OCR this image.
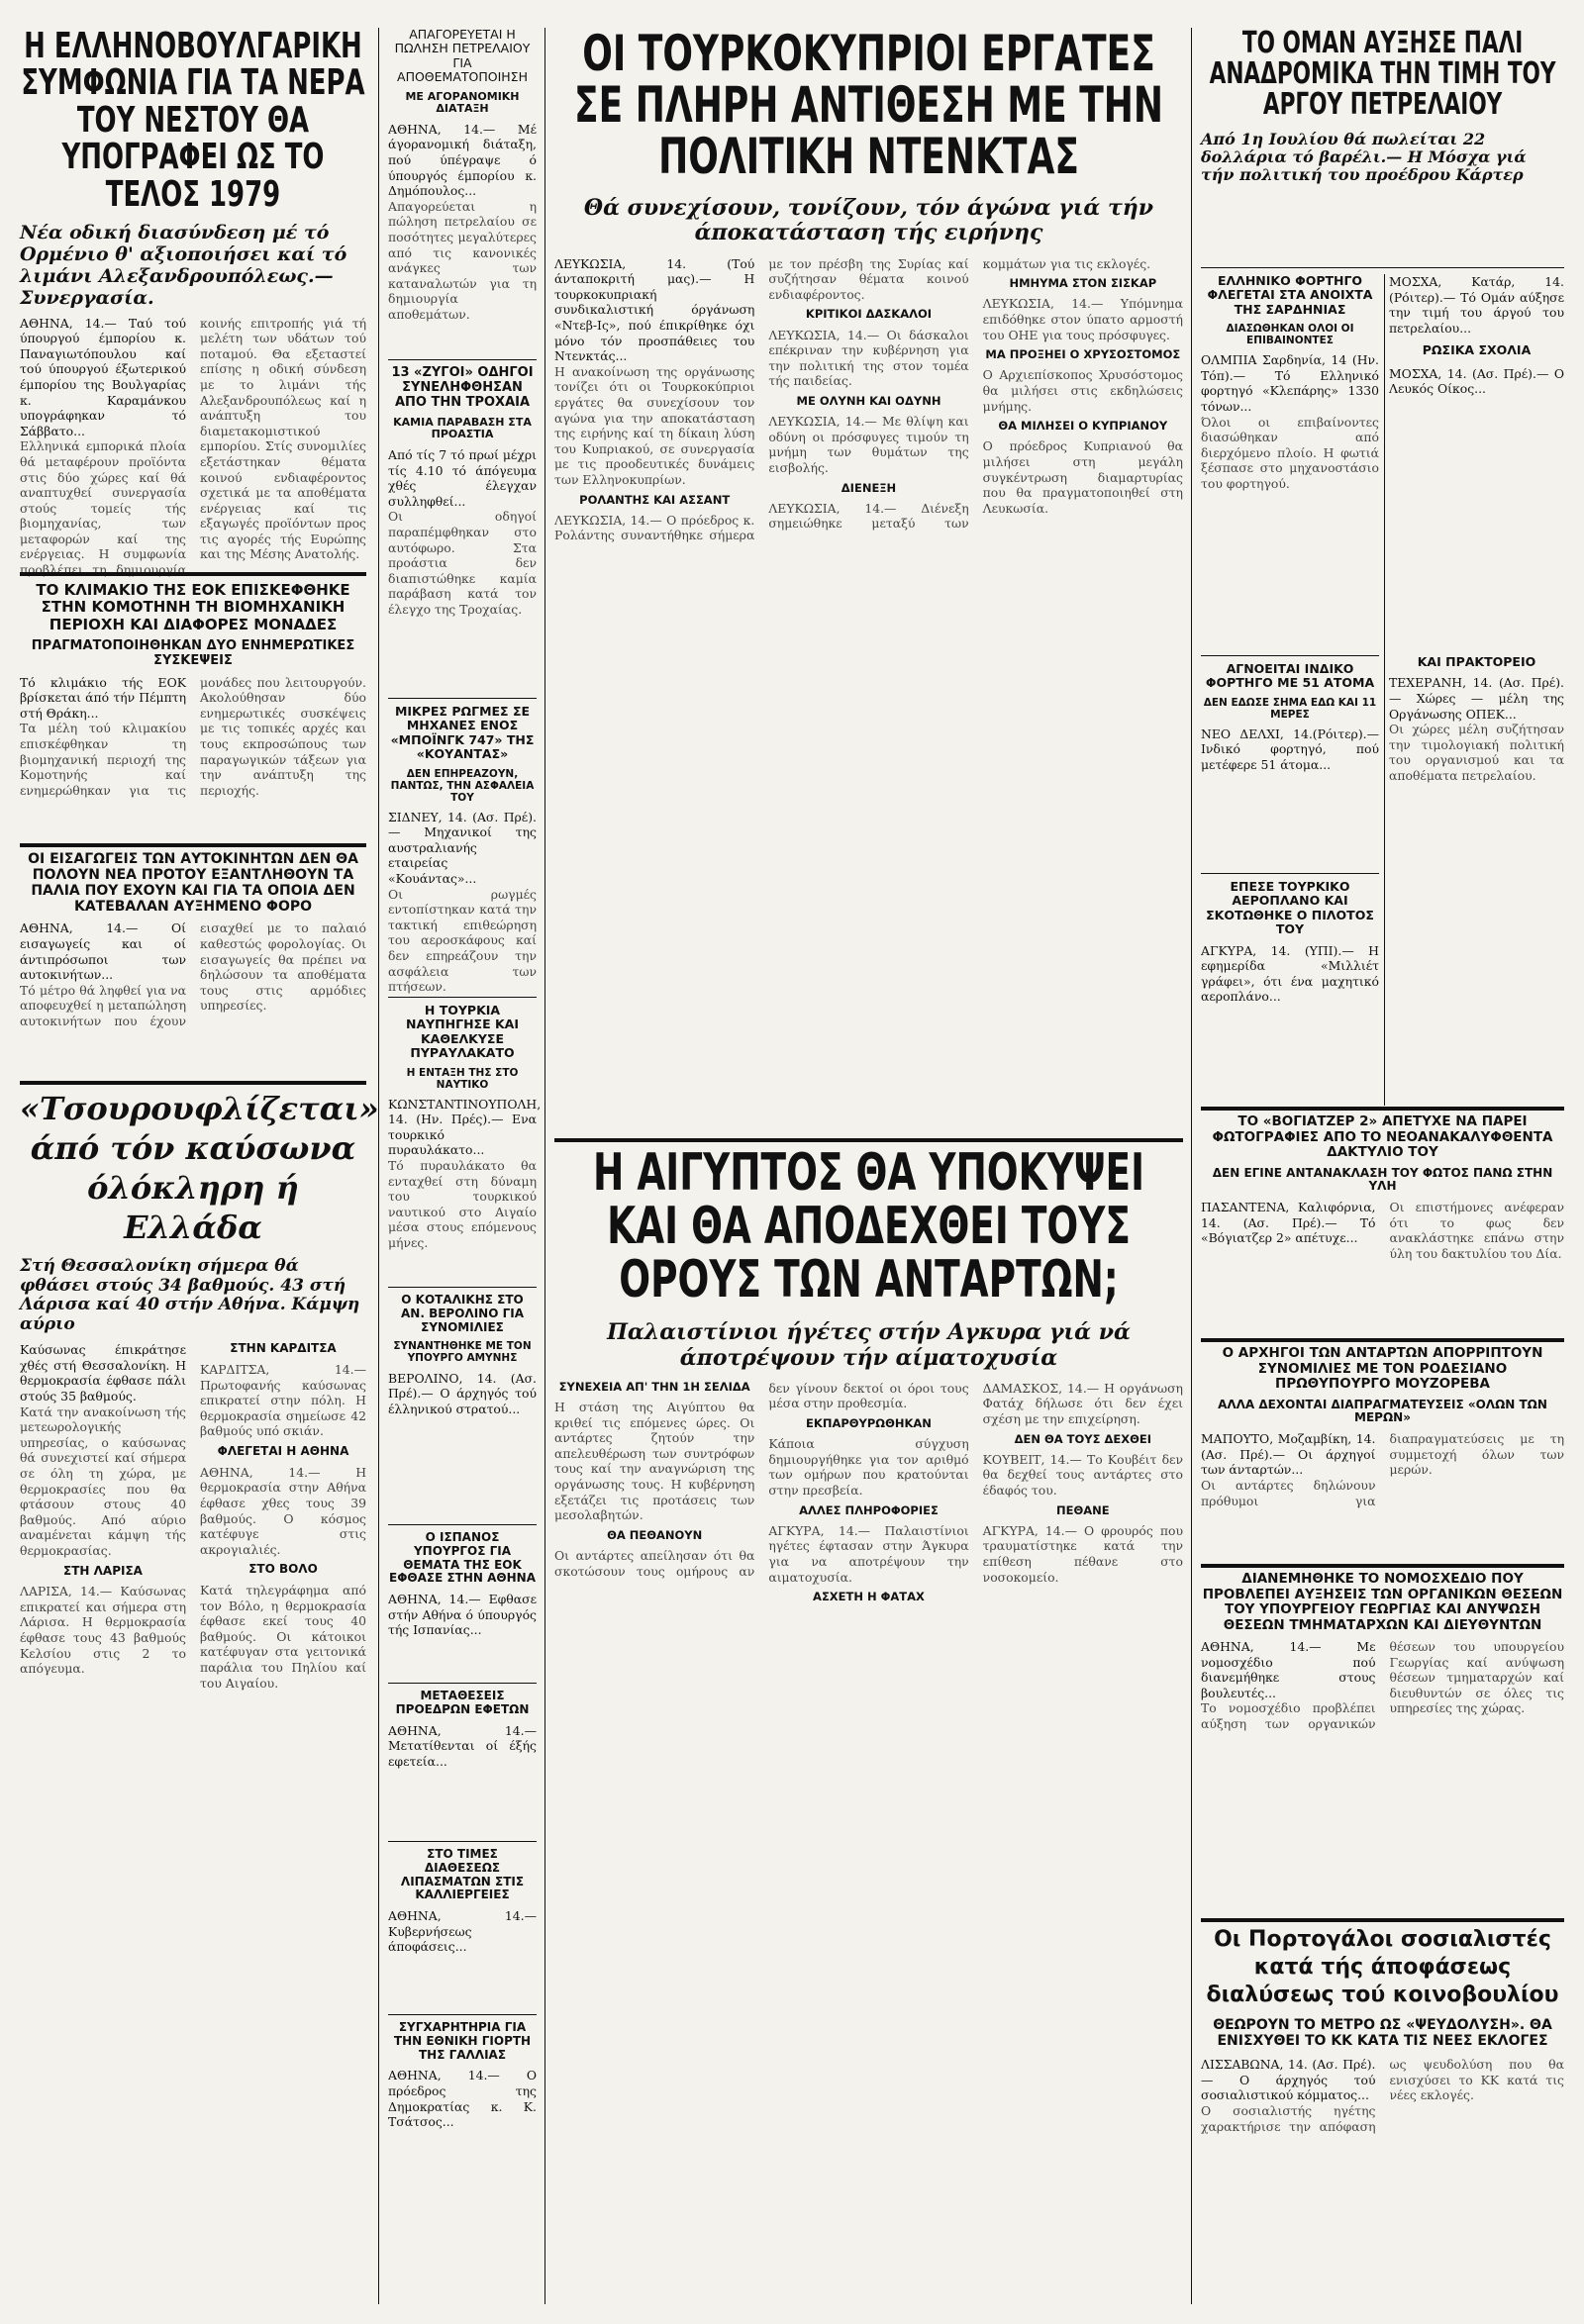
Η ΕΛΛΗΝΟΒΟΥΛΓΑΡΙΚΗ ΣΥΜΦΩΝΙΑ ΓΙΑ ΤΑ ΝΕΡΑ ΤΟΥ ΝΕΣΤΟΥ ΘΑ ΥΠΟΓΡΑΦΕΙ ΩΣ ΤΟ ΤΕΛΟΣ 1979

Νέα οδική διασύνδεση μέ τό Ορμένιο θ' αξιοποιήσει καί τό λιμάνι Αλεξανδρουπόλεως.— Συνεργασία.

ΑΘΗΝΑ, 14.— Ταύ τού ύπουργού έμπορίου κ. Παναγιωτόπουλου καί τού ύπουργού έξωτερικού έμπορίου της Βουλγαρίας κ. Καραμάνκου υπογράφηκαν τό Σάββατο...

Ελληνικά εμπορικά πλοία θά μεταφέρουν προϊόντα στις δύο χώρες καί θά αναπτυχθεί συνεργασία στούς τομείς τής βιομηχανίας, των μεταφορών καί της ενέργειας. Η συμφωνία προβλέπει τη δημιουργία κοινής επιτροπής γιά τή μελέτη των υδάτων τού ποταμού. Θα εξεταστεί επίσης η οδική σύνδεση με το λιμάνι τής Αλεξανδρουπόλεως καί η ανάπτυξη του διαμετακομιστικού εμπορίου. Στίς συνομιλίες εξετάστηκαν θέματα κοινού ενδιαφέροντος σχετικά με τα αποθέματα ενέργειας καί τις εξαγωγές προϊόντων προς τις αγορές τής Ευρώπης και της Μέσης Ανατολής.

ΤΟ ΚΛΙΜΑΚΙΟ ΤΗΣ ΕΟΚ ΕΠΙΣΚΕΦΘΗΚΕ ΣΤΗΝ ΚΟΜΟΤΗΝΗ ΤΗ ΒΙΟΜΗΧΑΝΙΚΗ ΠΕΡΙΟΧΗ ΚΑΙ ΔΙΑΦΟΡΕΣ ΜΟΝΑΔΕΣ
ΠΡΑΓΜΑΤΟΠΟΙΗΘΗΚΑΝ ΔΥΟ ΕΝΗΜΕΡΩΤΙΚΕΣ ΣΥΣΚΕΨΕΙΣ

Τό κλιμάκιο τής ΕΟΚ βρίσκεται άπό τήν Πέμπτη στή Θράκη...

Τα μέλη τού κλιμακίου επισκέφθηκαν τη βιομηχανική περιοχή της Κομοτηνής καί ενημερώθηκαν για τις μονάδες που λειτουργούν. Ακολούθησαν δύο ενημερωτικές συσκέψεις με τις τοπικές αρχές και τους εκπροσώπους των παραγωγικών τάξεων για την ανάπτυξη της περιοχής.

ΟΙ ΕΙΣΑΓΩΓΕΙΣ ΤΩΝ ΑΥΤΟΚΙΝΗΤΩΝ ΔΕΝ ΘΑ ΠΟΛΟΥΝ ΝΕΑ ΠΡΟΤΟΥ ΕΞΑΝΤΛΗΘΟΥΝ ΤΑ ΠΑΛΙΑ ΠΟΥ ΕΧΟΥΝ ΚΑΙ ΓΙΑ ΤΑ ΟΠΟΙΑ ΔΕΝ ΚΑΤΕΒΑΛΑΝ ΑΥΞΗΜΕΝΟ ΦΟΡΟ

ΑΘΗΝΑ, 14.— Οί εισαγωγείς και οί άντιπρόσωποι των αυτοκινήτων...

Τό μέτρο θά ληφθεί για να αποφευχθεί η μεταπώληση αυτοκινήτων που έχουν εισαχθεί με το παλαιό καθεστώς φορολογίας. Οι εισαγωγείς θα πρέπει να δηλώσουν τα αποθέματα τους στις αρμόδιες υπηρεσίες.

«Τσουρουφλίζεται» άπό τόν καύσωνα όλόκληρη ή Ελλάδα

Στή Θεσσαλονίκη σήμερα θά φθάσει στούς 34 βαθμούς. 43 στή Λάρισα καί 40 στήν Αθήνα. Κάμψη αύριο

Καύσωνας έπικράτησε χθές στή Θεσσαλονίκη. Η θερμοκρασία έφθασε πάλι στούς 35 βαθμούς.

Κατά την ανακοίνωση τής μετεωρολογικής υπηρεσίας, ο καύσωνας θά συνεχιστεί καί σήμερα σε όλη τη χώρα, με θερμοκρασίες που θα φτάσουν στους 40 βαθμούς. Από αύριο αναμένεται κάμψη τής θερμοκρασίας.

ΣΤΗ ΛΑΡΙΣΑ

ΛΑΡΙΣΑ, 14.— Καύσωνας επικρατεί και σήμερα στη Λάρισα. Η θερμοκρασία έφθασε τους 43 βαθμούς Κελσίου στις 2 το απόγευμα.

ΣΤΗΝ ΚΑΡΔΙΤΣΑ

ΚΑΡΔΙΤΣΑ, 14.— Πρωτοφανής καύσωνας επικρατεί στην πόλη. Η θερμοκρασία σημείωσε 42 βαθμούς υπό σκιάν.

ΦΛΕΓΕΤΑΙ Η ΑΘΗΝΑ

ΑΘΗΝΑ, 14.— Η θερμοκρασία στην Αθήνα έφθασε χθες τους 39 βαθμούς. Ο κόσμος κατέφυγε στις ακρογιαλιές.

ΣΤΟ ΒΟΛΟ

Κατά τηλεγράφημα από τον Βόλο, η θερμοκρασία έφθασε εκεί τους 40 βαθμούς. Οι κάτοικοι κατέφυγαν στα γειτονικά παράλια του Πηλίου καί του Αιγαίου.

ΑΠΑΓΟΡΕΥΕΤΑΙ Η ΠΩΛΗΣΗ ΠΕΤΡΕΛΑΙΟΥ ΓΙΑ ΑΠΟΘΕΜΑΤΟΠΟΙΗΣΗ
ΜΕ ΑΓΟΡΑΝΟΜΙΚΗ ΔΙΑΤΑΞΗ

ΑΘΗΝΑ, 14.— Μέ άγορανομική διάταξη, πού ύπέγραψε ό ύπουργός έμπορίου κ. Δημόπουλος...

Απαγορεύεται η πώληση πετρελαίου σε ποσότητες μεγαλύτερες από τις κανονικές ανάγκες των καταναλωτών για τη δημιουργία αποθεμάτων.

13 «ΖΥΓΟΙ» ΟΔΗΓΟΙ ΣΥΝΕΛΗΦΘΗΣΑΝ ΑΠΟ ΤΗΝ ΤΡΟΧΑΙΑ
ΚΑΜΙΑ ΠΑΡΑΒΑΣΗ ΣΤΑ ΠΡΟΑΣΤΙΑ

Από τίς 7 τό πρωί μέχρι τίς 4.10 τό άπόγευμα χθές έλεγχαν συλληφθεί...

Οι οδηγοί παραπέμφθηκαν στο αυτόφωρο. Στα προάστια δεν διαπιστώθηκε καμία παράβαση κατά τον έλεγχο της Τροχαίας.

ΜΙΚΡΕΣ ΡΩΓΜΕΣ ΣΕ ΜΗΧΑΝΕΣ ΕΝΟΣ «ΜΠΟΪΝΓΚ 747» ΤΗΣ «ΚΟΥΑΝΤΑΣ»
ΔΕΝ ΕΠΗΡΕΑΖΟΥΝ, ΠΑΝΤΩΣ, ΤΗΝ ΑΣΦΑΛΕΙΑ ΤΟΥ

ΣΙΔΝΕΥ, 14. (Ασ. Πρέ).— Μηχανικοί της αυστραλιανής εταιρείας «Κουάντας»...

Οι ρωγμές εντοπίστηκαν κατά την τακτική επιθεώρηση του αεροσκάφους καί δεν επηρεάζουν την ασφάλεια των πτήσεων.

Η ΤΟΥΡΚΙΑ ΝΑΥΠΗΓΗΣΕ ΚΑΙ ΚΑΘΕΛΚΥΣΕ ΠΥΡΑΥΛΑΚΑΤΟ
Η ΕΝΤΑΞΗ ΤΗΣ ΣΤΟ ΝΑΥΤΙΚΟ

ΚΩΝΣΤΑΝΤΙΝΟΥΠΟΛΗ, 14. (Ην. Πρές).— Ενα τουρκικό πυραυλάκατο...

Τό πυραυλάκατο θα ενταχθεί στη δύναμη του τουρκικού ναυτικού στο Αιγαίο μέσα στους επόμενους μήνες.

Ο ΚΟΤΑΛΙΚΗΣ ΣΤΟ ΑΝ. ΒΕΡΟΛΙΝΟ ΓΙΑ ΣΥΝΟΜΙΛΙΕΣ
ΣΥΝΑΝΤΗΘΗΚΕ ΜΕ ΤΟΝ ΥΠΟΥΡΓΟ ΑΜΥΝΗΣ

ΒΕΡΟΛΙΝΟ, 14. (Ασ. Πρέ).— Ο άρχηγός τού έλληνικού στρατού...

Ο ΙΣΠΑΝΟΣ ΥΠΟΥΡΓΟΣ ΓΙΑ ΘΕΜΑΤΑ ΤΗΣ ΕΟΚ ΕΦΘΑΣΕ ΣΤΗΝ ΑΘΗΝΑ

ΑΘΗΝΑ, 14.— Εφθασε στήν Αθήνα ό ύπουργός τής Ισπανίας...

ΜΕΤΑΘΕΣΕΙΣ ΠΡΟΕΔΡΩΝ ΕΦΕΤΩΝ

ΑΘΗΝΑ, 14.— Μετατίθενται οί έξής εφετεία...

ΣΤΟ ΤΙΜΕΣ ΔΙΑΘΕΣΕΩΣ ΛΙΠΑΣΜΑΤΩΝ ΣΤΙΣ ΚΑΛΛΙΕΡΓΕΙΕΣ

ΑΘΗΝΑ, 14.— Κυβερνήσεως άποφάσεις...

ΣΥΓΧΑΡΗΤΗΡΙΑ ΓΙΑ ΤΗΝ ΕΘΝΙΚΗ ΓΙΟΡΤΗ ΤΗΣ ΓΑΛΛΙΑΣ

ΑΘΗΝΑ, 14.— Ο πρόεδρος της Δημοκρατίας κ. Κ. Τσάτσος...

ΟΙ ΤΟΥΡΚΟΚΥΠΡΙΟΙ ΕΡΓΑΤΕΣ ΣΕ ΠΛΗΡΗ ΑΝΤΙΘΕΣΗ ΜΕ ΤΗΝ ΠΟΛΙΤΙΚΗ ΝΤΕΝΚΤΑΣ

Θά συνεχίσουν, τονίζουν, τόν άγώνα γιά τήν άποκατάσταση τής ειρήνης

ΛΕΥΚΩΣΙΑ, 14. (Τού άνταποκριτή μας).— Η τουρκοκυπριακή συνδικαλιστική όργάνωση «Ντεβ-Ις», πού έπικρίθηκε όχι μόνο τόν προσπάθειες του Ντενκτάς...

Η ανακοίνωση της οργάνωσης τονίζει ότι οι Τουρκοκύπριοι εργάτες θα συνεχίσουν τον αγώνα για την αποκατάσταση της ειρήνης καί τη δίκαιη λύση του Κυπριακού, σε συνεργασία με τις προοδευτικές δυνάμεις των Ελληνοκυπρίων.

ΡΟΛΑΝΤΗΣ ΚΑΙ ΑΣΣΑΝΤ

ΛΕΥΚΩΣΙΑ, 14.— Ο πρόεδρος κ. Ρολάντης συναντήθηκε σήμερα με τον πρέσβη της Συρίας καί συζήτησαν θέματα κοινού ενδιαφέροντος.

ΚΡΙΤΙΚΟΙ ΔΑΣΚΑΛΟΙ

ΛΕΥΚΩΣΙΑ, 14.— Οι δάσκαλοι επέκριναν την κυβέρνηση για την πολιτική της στον τομέα τής παιδείας.

ΜΕ ΟΛΥΝΗ ΚΑΙ ΟΔΥΝΗ

ΛΕΥΚΩΣΙΑ, 14.— Με θλίψη και οδύνη οι πρόσφυγες τιμούν τη μνήμη των θυμάτων της εισβολής.

ΔΙΕΝΕΞΗ

ΛΕΥΚΩΣΙΑ, 14.— Διένεξη σημειώθηκε μεταξύ των κομμάτων για τις εκλογές.

ΗΜΗΥΜΑ ΣΤΟΝ ΣΙΣΚΑΡ

ΛΕΥΚΩΣΙΑ, 14.— Υπόμνημα επιδόθηκε στον ύπατο αρμοστή του ΟΗΕ για τους πρόσφυγες.

ΜΑ ΠΡΟΞΗΕΙ Ο ΧΡΥΣΟΣΤΟΜΟΣ

Ο Αρχιεπίσκοπος Χρυσόστομος θα μιλήσει στις εκδηλώσεις μνήμης.

ΘΑ ΜΙΛΗΣΕΙ Ο ΚΥΠΡΙΑΝΟΥ

Ο πρόεδρος Κυπριανού θα μιλήσει στη μεγάλη συγκέντρωση διαμαρτυρίας που θα πραγματοποιηθεί στη Λευκωσία.

Η ΑΙΓΥΠΤΟΣ ΘΑ ΥΠΟΚΥΨΕΙ ΚΑΙ ΘΑ ΑΠΟΔΕΧΘΕΙ ΤΟΥΣ ΟΡΟΥΣ ΤΩΝ ΑΝΤΑΡΤΩΝ;

Παλαιστίνιοι ήγέτες στήν Αγκυρα γιά νά άποτρέψουν τήν αίματοχυσία

ΣΥΝΕΧΕΙΑ ΑΠ' ΤΗΝ 1Η ΣΕΛΙΔΑ

Η στάση της Αιγύπτου θα κριθεί τις επόμενες ώρες. Οι αντάρτες ζητούν την απελευθέρωση των συντρόφων τους καί την αναγνώριση της οργάνωσης τους. Η κυβέρνηση εξετάζει τις προτάσεις των μεσολαβητών.

ΘΑ ΠΕΘΑΝΟΥΝ

Οι αντάρτες απείλησαν ότι θα σκοτώσουν τους ομήρους αν δεν γίνουν δεκτοί οι όροι τους μέσα στην προθεσμία.

ΕΚΠΑΡΘΥΡΩΘΗΚΑΝ

Κάποια σύγχυση δημιουργήθηκε για τον αριθμό των ομήρων που κρατούνται στην πρεσβεία.

ΑΛΛΕΣ ΠΛΗΡΟΦΟΡΙΕΣ

ΑΓΚΥΡΑ, 14.— Παλαιστίνιοι ηγέτες έφτασαν στην Άγκυρα για να αποτρέψουν την αιματοχυσία.

ΑΣΧΕΤΗ Η ΦΑΤΑΧ

ΔΑΜΑΣΚΟΣ, 14.— Η οργάνωση Φατάχ δήλωσε ότι δεν έχει σχέση με την επιχείρηση.

ΔΕΝ ΘΑ ΤΟΥΣ ΔΕΧΘΕΙ

ΚΟΥΒΕΙΤ, 14.— Το Κουβέιτ δεν θα δεχθεί τους αντάρτες στο έδαφός του.

ΠΕΘΑΝΕ

ΑΓΚΥΡΑ, 14.— Ο φρουρός που τραυματίστηκε κατά την επίθεση πέθανε στο νοσοκομείο.

ΤΟ ΟΜΑΝ ΑΥΞΗΣΕ ΠΑΛΙ ΑΝΑΔΡΟΜΙΚΑ ΤΗΝ ΤΙΜΗ ΤΟΥ ΑΡΓΟΥ ΠΕΤΡΕΛΑΙΟΥ

Από 1η Ιουλίου θά πωλείται 22 δολλάρια τό βαρέλι.— Η Μόσχα γιά τήν πολιτική του προέδρου Κάρτερ

ΕΛΛΗΝΙΚΟ ΦΟΡΤΗΓΟ ΦΛΕΓΕΤΑΙ ΣΤΑ ΑΝΟΙΧΤΑ ΤΗΣ ΣΑΡΔΗΝΙΑΣ
ΔΙΑΣΩΘΗΚΑΝ ΟΛΟΙ ΟΙ ΕΠΙΒΑΙΝΟΝΤΕΣ

ΟΛΜΠΙΑ Σαρδηνία, 14 (Ην. Τόπ).— Τό Ελληνικό φορτηγό «Κλεπάρης» 1330 τόνων...

Όλοι οι επιβαίνοντες διασώθηκαν από διερχόμενο πλοίο. Η φωτιά ξέσπασε στο μηχανοστάσιο του φορτηγού.

ΜΟΣΧΑ, Κατάρ, 14. (Ρόιτερ).— Τό Ομάν αύξησε την τιμή του άργού του πετρελαίου...

ΡΩΣΙΚΑ ΣΧΟΛΙΑ

ΜΟΣΧΑ, 14. (Ασ. Πρέ).— Ο Λευκός Οίκος...

ΑΓΝΟΕΙΤΑΙ ΙΝΔΙΚΟ ΦΟΡΤΗΓΟ ΜΕ 51 ΑΤΟΜΑ
ΔΕΝ ΕΔΩΣΕ ΣΗΜΑ ΕΔΩ ΚΑΙ 11 ΜΕΡΕΣ

ΝΕΟ ΔΕΛΧΙ, 14.(Ρόιτερ).— Ινδικό φορτηγό, πού μετέφερε 51 άτομα...

ΕΠΕΣΕ ΤΟΥΡΚΙΚΟ ΑΕΡΟΠΛΑΝΟ ΚΑΙ ΣΚΟΤΩΘΗΚΕ Ο ΠΙΛΟΤΟΣ ΤΟΥ

ΑΓΚΥΡΑ, 14. (ΥΠΙ).— Η εφημερίδα «Μιλλιέτ γράφει», ότι ένα μαχητικό αεροπλάνο...

ΚΑΙ ΠΡΑΚΤΟΡΕΙΟ

ΤΕΧΕΡΑΝΗ, 14. (Ασ. Πρέ).— Χώρες — μέλη της Οργάνωσης ΟΠΕΚ...

Οι χώρες μέλη συζήτησαν την τιμολογιακή πολιτική του οργανισμού και τα αποθέματα πετρελαίου.

ΤΟ «ΒΟΓΙΑΤΖΕΡ 2» ΑΠΕΤΥΧΕ ΝΑ ΠΑΡΕΙ ΦΩΤΟΓΡΑΦΙΕΣ ΑΠΟ ΤΟ ΝΕΟΑΝΑΚΑΛΥΦΘΕΝΤΑ ΔΑΚΤΥΛΙΟ ΤΟΥ
ΔΕΝ ΕΓΙΝΕ ΑΝΤΑΝΑΚΛΑΣΗ ΤΟΥ ΦΩΤΟΣ ΠΑΝΩ ΣΤΗΝ ΥΛΗ

ΠΑΣΑΝΤΕΝΑ, Καλιφόρνια, 14. (Ασ. Πρέ).— Τό «Βόγιατζερ 2» απέτυχε...

Οι επιστήμονες ανέφεραν ότι το φως δεν ανακλάστηκε επάνω στην ύλη του δακτυλίου του Δία.

Ο ΑΡΧΗΓΟΙ ΤΩΝ ΑΝΤΑΡΤΩΝ ΑΠΟΡΡΙΠΤΟΥΝ ΣΥΝΟΜΙΛΙΕΣ ΜΕ ΤΟΝ ΡΟΔΕΣΙΑΝΟ ΠΡΩΘΥΠΟΥΡΓΟ ΜΟΥΖΟΡΕΒΑ
ΑΛΛΑ ΔΕΧΟΝΤΑΙ ΔΙΑΠΡΑΓΜΑΤΕΥΣΕΙΣ «ΟΛΩΝ ΤΩΝ ΜΕΡΩΝ»

ΜΑΠΟΥΤΟ, Μοζαμβίκη, 14. (Ασ. Πρέ).— Οι άρχηγοί των άνταρτών...

Οι αντάρτες δηλώνουν πρόθυμοι για διαπραγματεύσεις με τη συμμετοχή όλων των μερών.

ΔΙΑΝΕΜΗΘΗΚΕ ΤΟ ΝΟΜΟΣΧΕΔΙΟ ΠΟΥ ΠΡΟΒΛΕΠΕΙ ΑΥΞΗΣΕΙΣ ΤΩΝ ΟΡΓΑΝΙΚΩΝ ΘΕΣΕΩΝ ΤΟΥ ΥΠΟΥΡΓΕΙΟΥ ΓΕΩΡΓΙΑΣ ΚΑΙ ΑΝΥΨΩΣΗ ΘΕΣΕΩΝ ΤΜΗΜΑΤΑΡΧΩΝ ΚΑΙ ΔΙΕΥΘΥΝΤΩΝ

ΑΘΗΝΑ, 14.— Με νομοσχέδιο πού διανεμήθηκε στους βουλευτές...

Το νομοσχέδιο προβλέπει αύξηση των οργανικών θέσεων του υπουργείου Γεωργίας καί ανύψωση θέσεων τμηματαρχών καί διευθυντών σε όλες τις υπηρεσίες της χώρας.

Οι Πορτογάλοι σοσιαλιστές κατά τής άποφάσεως διαλύσεως τού κοινοβουλίου
ΘΕΩΡΟΥΝ ΤΟ ΜΕΤΡΟ ΩΣ «ΨΕΥΔΟΛΥΣΗ». ΘΑ ΕΝΙΣΧΥΘΕΙ ΤΟ ΚΚ ΚΑΤΑ ΤΙΣ ΝΕΕΣ ΕΚΛΟΓΕΣ

ΛΙΣΣΑΒΩΝΑ, 14. (Ασ. Πρέ).— Ο άρχηγός τού σοσιαλιστικού κόμματος...

Ο σοσιαλιστής ηγέτης χαρακτήρισε την απόφαση ως ψευδολύση που θα ενισχύσει το ΚΚ κατά τις νέες εκλογές.
